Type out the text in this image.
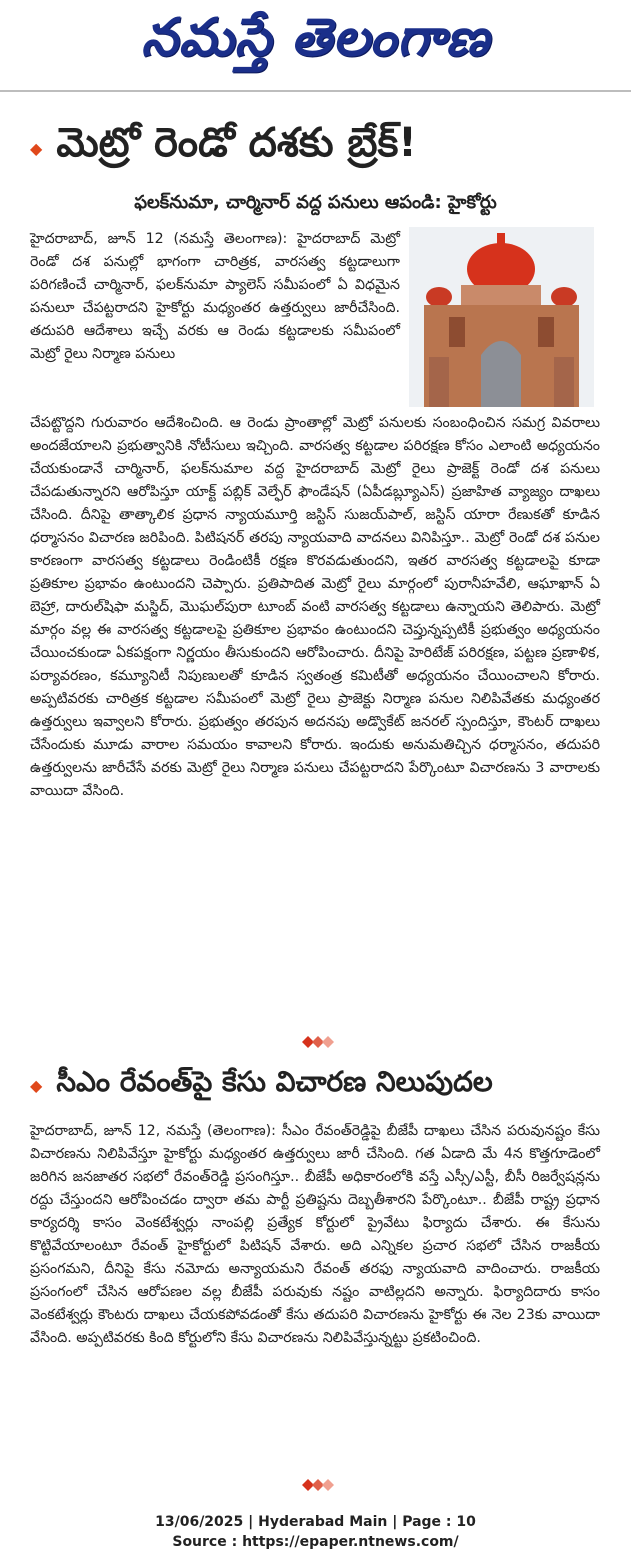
నమస్తే తెలంగాణ
◆ మెట్రో రెండో దశకు బ్రేక్!
ఫలక్‌నుమా, చార్మినార్ వద్ద పనులు ఆపండి: హైకోర్టు

హైదరాబాద్, జూన్ 12 (నమస్తే తెలంగాణ): హైదరాబాద్ మెట్రో రెండో దశ పనుల్లో భాగంగా చారిత్రక, వారసత్వ కట్టడాలుగా పరిగణించే చార్మినార్, ఫలక్‌నుమా ప్యాలెస్ సమీపంలో ఏ విధమైన పనులూ చేపట్టరాదని హైకోర్టు మధ్యంతర ఉత్తర్వులు జారీచేసింది. తదుపరి ఆదేశాలు ఇచ్చే వరకు ఆ రెండు కట్టడాలకు సమీపంలో మెట్రో రైలు నిర్మాణ పనులు

చేపట్టొద్దని గురువారం ఆదేశించింది. ఆ రెండు ప్రాంతాల్లో మెట్రో పనులకు సంబంధించిన సమగ్ర వివరాలు అందజేయాలని ప్రభుత్వానికి నోటీసులు ఇచ్చింది. వారసత్వ కట్టడాల పరిరక్షణ కోసం ఎలాంటి అధ్యయనం చేయకుండానే చార్మినార్, ఫలక్‌నుమాల వద్ద హైదరాబాద్ మెట్రో రైలు ప్రాజెక్ట్ రెండో దశ పనులు చేపడుతున్నారని ఆరోపిస్తూ యాక్ట్ పబ్లిక్ వెల్ఫేర్ ఫౌండేషన్ (ఏపీడబ్ల్యూఎస్) ప్రజాహిత వ్యాజ్యం దాఖలు చేసింది. దీనిపై తాత్కాలిక ప్రధాన న్యాయమూర్తి జస్టిస్ సుజయ్‌పాల్, జస్టిస్ యారా రేణుకతో కూడిన ధర్మాసనం విచారణ జరిపింది. పిటిషనర్ తరపు న్యాయవాది వాదనలు వినిపిస్తూ.. మెట్రో రెండో దశ పనుల కారణంగా వారసత్వ కట్టడాలు రెండింటికీ రక్షణ కొరవడుతుందని, ఇతర వారసత్వ కట్టడాలపై కూడా ప్రతికూల ప్రభావం ఉంటుందని చెప్పారు. ప్రతిపాదిత మెట్రో రైలు మార్గంలో పురానీహవేలి, ఆఘాఖాన్ ఏ బెహ్రా, దారుల్‌షిఫా మస్జిద్, మొఘల్‌పురా టూంబ్ వంటి వారసత్వ కట్టడాలు ఉన్నాయని తెలిపారు. మెట్రో మార్గం వల్ల ఈ వారసత్వ కట్టడాలపై ప్రతికూల ప్రభావం ఉంటుందని చెప్తున్నప్పటికీ ప్రభుత్వం అధ్యయనం చేయించకుండా ఏకపక్షంగా నిర్ణయం తీసుకుందని ఆరోపించారు. దీనిపై హెరిటేజ్ పరిరక్షణ, పట్టణ ప్రణాళిక, పర్యావరణం, కమ్యూనిటీ నిపుణులతో కూడిన స్వతంత్ర కమిటీతో అధ్యయనం చేయించాలని కోరారు. అప్పటివరకు చారిత్రక కట్టడాల సమీపంలో మెట్రో రైలు ప్రాజెక్టు నిర్మాణ పనుల నిలిపివేతకు మధ్యంతర ఉత్తర్వులు ఇవ్వాలని కోరారు. ప్రభుత్వం తరపున అదనపు అడ్వొకేట్ జనరల్ స్పందిస్తూ, కౌంటర్ దాఖలు చేసేందుకు మూడు వారాల సమయం కావాలని కోరారు. ఇందుకు అనుమతిచ్చిన ధర్మాసనం, తదుపరి ఉత్తర్వులను జారీచేసే వరకు మెట్రో రైలు నిర్మాణ పనులు చేపట్టరాదని పేర్కొంటూ విచారణను 3 వారాలకు వాయిదా వేసింది.

◆ సీఎం రేవంత్‌పై కేసు విచారణ నిలుపుదల

హైదరాబాద్, జూన్ 12, నమస్తే (తెలంగాణ): సీఎం రేవంత్‌రెడ్డిపై బీజేపీ దాఖలు చేసిన పరువునష్టం కేసు విచారణను నిలిపివేస్తూ హైకోర్టు మధ్యంతర ఉత్తర్వులు జారీ చేసింది. గత ఏడాది మే 4న కొత్తగూడెంలో జరిగిన జనజాతర సభలో రేవంత్‌రెడ్డి ప్రసంగిస్తూ.. బీజేపీ అధికారంలోకి వస్తే ఎస్సీ/ఎస్టీ, బీసీ రిజర్వేషన్లను రద్దు చేస్తుందని ఆరోపించడం ద్వారా తమ పార్టీ ప్రతిష్టను దెబ్బతీశారని పేర్కొంటూ.. బీజేపీ రాష్ట్ర ప్రధాన కార్యదర్శి కాసం వెంకటేశ్వర్లు నాంపల్లి ప్రత్యేక కోర్టులో ప్రైవేటు ఫిర్యాదు చేశారు. ఈ కేసును కొట్టివేయాలంటూ రేవంత్ హైకోర్టులో పిటిషన్ వేశారు. అది ఎన్నికల ప్రచార సభలో చేసిన రాజకీయ ప్రసంగమని, దీనిపై కేసు నమోదు అన్యాయమని రేవంత్ తరఫు న్యాయవాది వాదించారు. రాజకీయ ప్రసంగంలో చేసిన ఆరోపణల వల్ల బీజేపీ పరువుకు నష్టం వాటిల్లదని అన్నారు. ఫిర్యాదిదారు కాసం వెంకటేశ్వర్లు కౌంటరు దాఖలు చేయకపోవడంతో కేసు తదుపరి విచారణను హైకోర్టు ఈ నెల 23కు వాయిదా వేసింది. అప్పటివరకు కింది కోర్టులోని కేసు విచారణను నిలిపివేస్తున్నట్టు ప్రకటించింది.

13/06/2025 | Hyderabad Main | Page : 10
Source : https://epaper.ntnews.com/
